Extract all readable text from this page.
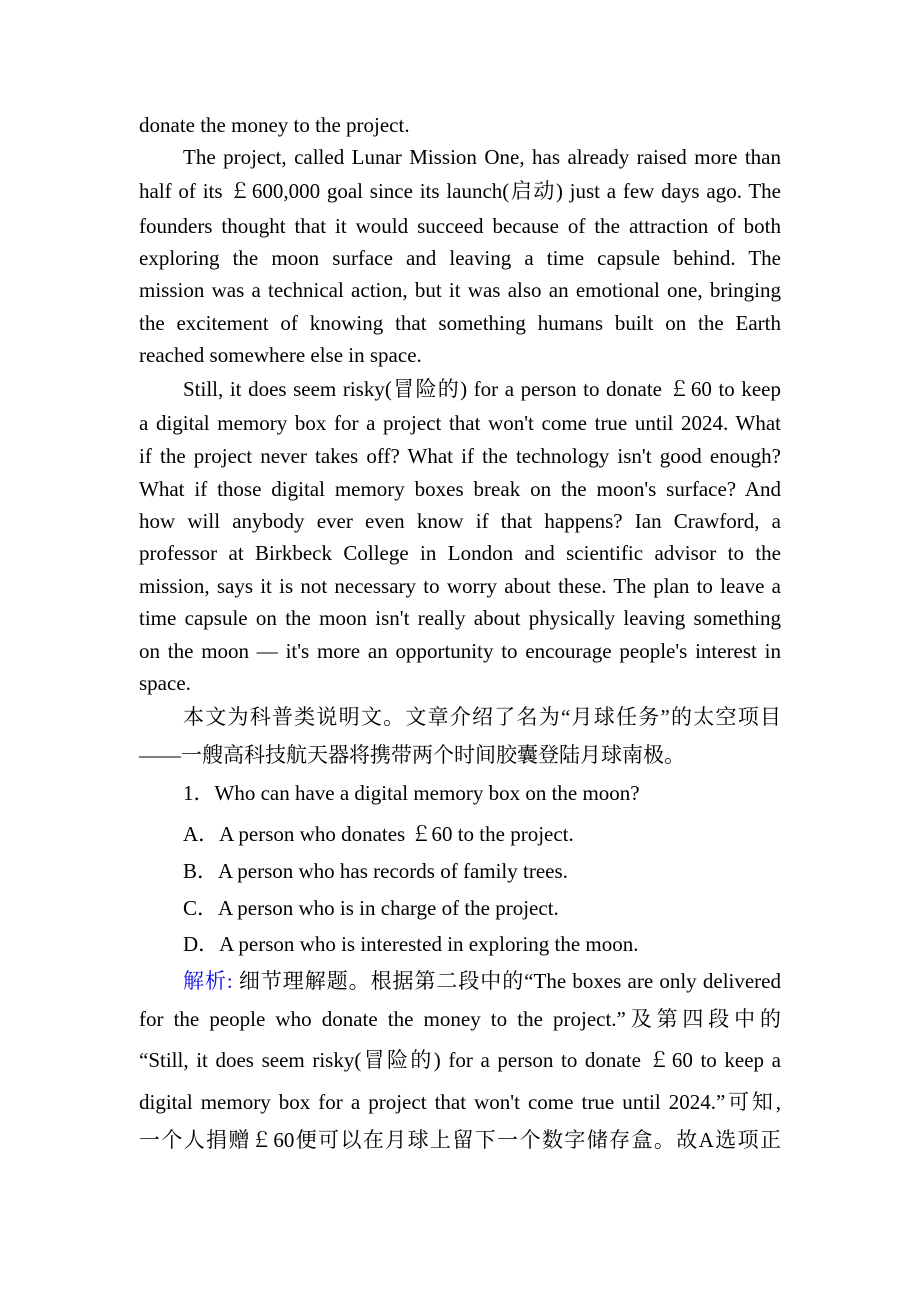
donate the money to the project.
The project, called Lunar Mission One, has already raised more than
half of its ￡600,000 goal since its launch(启动) just a few days ago. The
founders thought that it would succeed because of the attraction of both
exploring the moon surface and leaving a time capsule behind. The
mission was a technical action, but it was also an emotional one, bringing
the excitement of knowing that something humans built on the Earth
reached somewhere else in space.
Still, it does seem risky(冒险的) for a person to donate ￡60 to keep
a digital memory box for a project that won't come true until 2024. What
if the project never takes off? What if the technology isn't good enough?
What if those digital memory boxes break on the moon's surface? And
how will anybody ever even know if that happens? Ian Crawford, a
professor at Birkbeck College in London and scientific advisor to the
mission, says it is not necessary to worry about these. The plan to leave a
time capsule on the moon isn't really about physically leaving something
on the moon — it's more an opportunity to encourage people's interest in
space.
本文为科普类说明文。文章介绍了名为“月球任务”的太空项目
——一艘高科技航天器将携带两个时间胶囊登陆月球南极。
1．Who can have a digital memory box on the moon?
A．A person who donates ￡60 to the project.
B．A person who has records of family trees.
C．A person who is in charge of the project.
D．A person who is interested in exploring the moon.
解析: 细节理解题。根据第二段中的“The boxes are only delivered
for the people who donate the money to the project.”及第四段中的
“Still, it does seem risky(冒险的) for a person to donate ￡60 to keep a
digital memory box for a project that won't come true until 2024.”可知,
一个人捐赠￡60便可以在月球上留下一个数字储存盒。故A选项正
